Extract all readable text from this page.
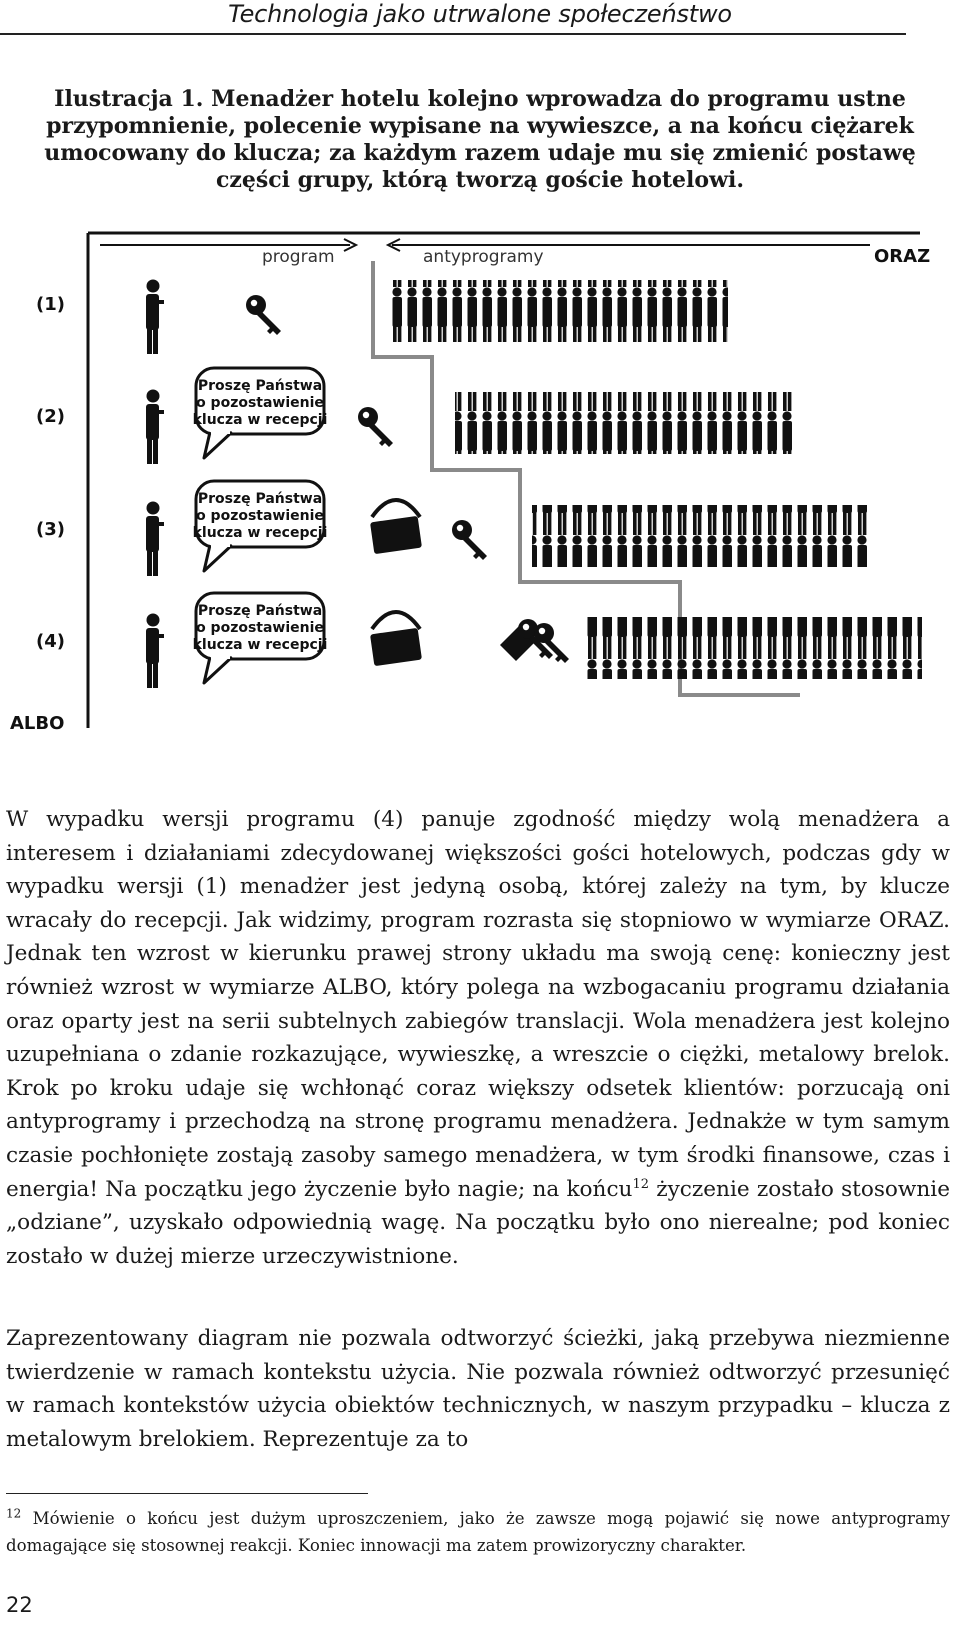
Technologia jako utrwalone społeczeństwo
Ilustracja 1. Menadżer hotelu kolejno wprowadza do programu ustne przypomnienie, polecenie wypisane na wywieszce, a na końcu ciężarek umocowany do klucza; za każdym razem udaje mu się zmienić postawę części grupy, którą tworzą goście hotelowi.
program	antyprogramy	ORAZ
ALBO
(1)
(2)
(3)
(4)
Proszę Państwa
o pozostawienie
klucza w recepcji
Proszę Państwa
o pozostawienie
klucza w recepcji
Proszę Państwa
o pozostawienie
klucza w recepcji
W wypadku wersji programu (4) panuje zgodność między wolą menadżera a interesem i działaniami zdecydowanej większości gości hotelowych, podczas gdy w wypadku wersji (1) menadżer jest jedyną osobą, której zależy na tym, by klucze wracały do recepcji. Jak widzimy, program rozrasta się stopniowo w wymiarze ORAZ. Jednak ten wzrost w kierunku prawej strony układu ma swoją cenę: konieczny jest również wzrost w wymiarze ALBO, który polega na wzbogacaniu programu działania oraz oparty jest na serii subtelnych zabiegów translacji. Wola menadżera jest kolejno uzupełniana o zdanie rozkazujące, wywieszkę, a wreszcie o ciężki, metalowy brelok. Krok po kroku udaje się wchłonąć coraz większy odsetek klientów: porzucają oni antyprogramy i przechodzą na stronę programu menadżera. Jednakże w tym samym czasie pochłonięte zostają zasoby samego menadżera, w tym środki finansowe, czas i energia! Na początku jego życzenie było nagie; na końcu$^{12}$ życzenie zostało stosownie „odziane”, uzyskało odpowiednią wagę. Na początku było ono nierealne; pod koniec zostało w dużej mierze urzeczywistnione.
Zaprezentowany diagram nie pozwala odtworzyć ścieżki, jaką przebywa niezmienne twierdzenie w ramach kontekstu użycia. Nie pozwala również odtworzyć przesunięć w ramach kontekstów użycia obiektów technicznych, w naszym przypadku – klucza z metalowym brelokiem. Reprezentuje za to
$^{12}$ Mówienie o końcu jest dużym uproszczeniem, jako że zawsze mogą pojawić się nowe antyprogramy domagające się stosownej reakcji. Koniec innowacji ma zatem prowizoryczny charakter.
22
